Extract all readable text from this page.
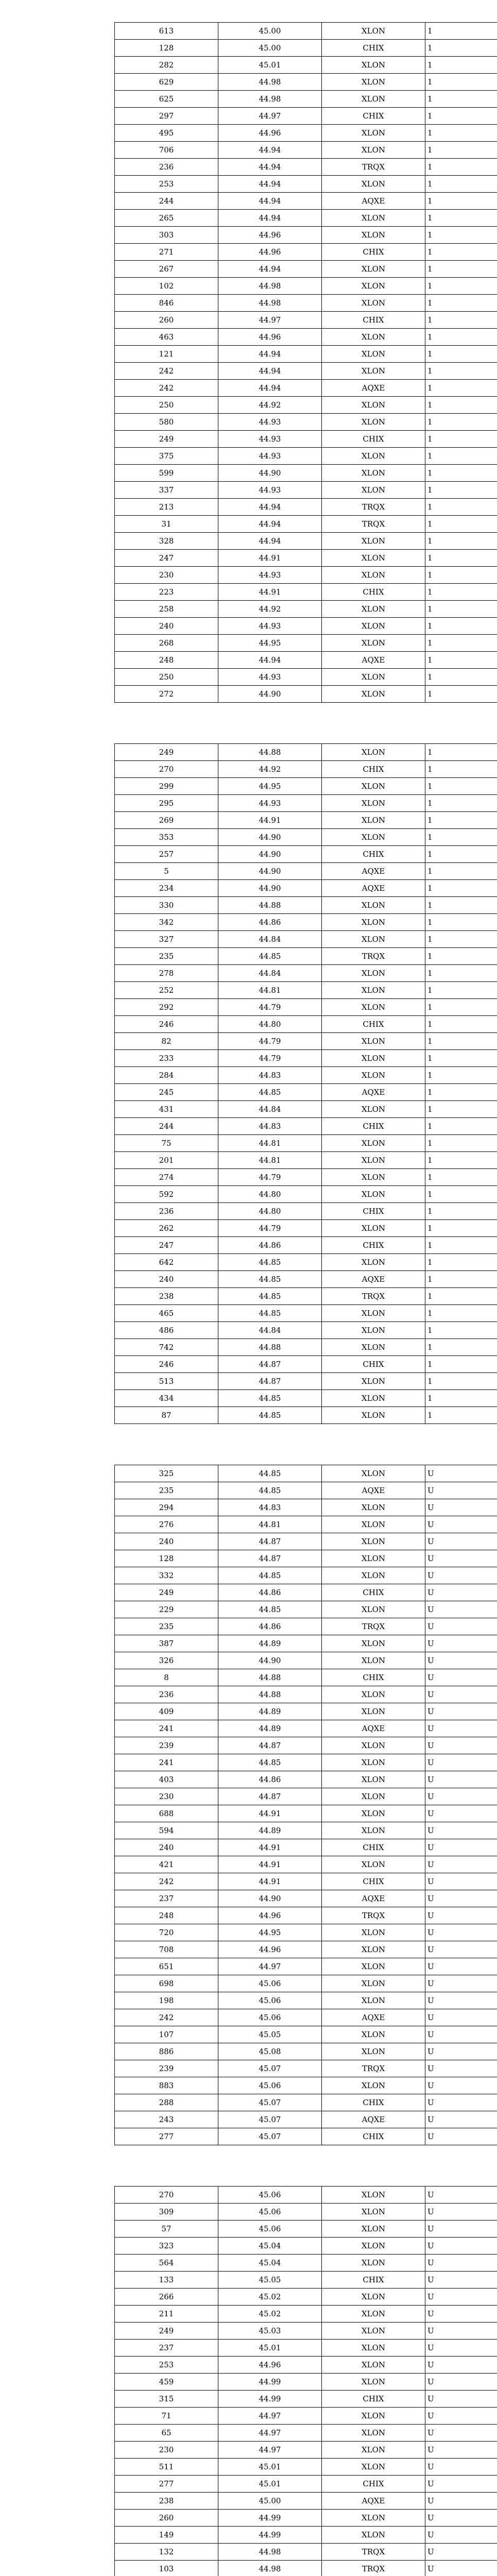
613	45.00	XLON	1
128	45.00	CHIX	1
282	45.01	XLON	1
629	44.98	XLON	1
625	44.98	XLON	1
297	44.97	CHIX	1
495	44.96	XLON	1
706	44.94	XLON	1
236	44.94	TRQX	1
253	44.94	XLON	1
244	44.94	AQXE	1
265	44.94	XLON	1
303	44.96	XLON	1
271	44.96	CHIX	1
267	44.94	XLON	1
102	44.98	XLON	1
846	44.98	XLON	1
260	44.97	CHIX	1
463	44.96	XLON	1
121	44.94	XLON	1
242	44.94	XLON	1
242	44.94	AQXE	1
250	44.92	XLON	1
580	44.93	XLON	1
249	44.93	CHIX	1
375	44.93	XLON	1
599	44.90	XLON	1
337	44.93	XLON	1
213	44.94	TRQX	1
31	44.94	TRQX	1
328	44.94	XLON	1
247	44.91	XLON	1
230	44.93	XLON	1
223	44.91	CHIX	1
258	44.92	XLON	1
240	44.93	XLON	1
268	44.95	XLON	1
248	44.94	AQXE	1
250	44.93	XLON	1
272	44.90	XLON	1
249	44.88	XLON	1
270	44.92	CHIX	1
299	44.95	XLON	1
295	44.93	XLON	1
269	44.91	XLON	1
353	44.90	XLON	1
257	44.90	CHIX	1
5	44.90	AQXE	1
234	44.90	AQXE	1
330	44.88	XLON	1
342	44.86	XLON	1
327	44.84	XLON	1
235	44.85	TRQX	1
278	44.84	XLON	1
252	44.81	XLON	1
292	44.79	XLON	1
246	44.80	CHIX	1
82	44.79	XLON	1
233	44.79	XLON	1
284	44.83	XLON	1
245	44.85	AQXE	1
431	44.84	XLON	1
244	44.83	CHIX	1
75	44.81	XLON	1
201	44.81	XLON	1
274	44.79	XLON	1
592	44.80	XLON	1
236	44.80	CHIX	1
262	44.79	XLON	1
247	44.86	CHIX	1
642	44.85	XLON	1
240	44.85	AQXE	1
238	44.85	TRQX	1
465	44.85	XLON	1
486	44.84	XLON	1
742	44.88	XLON	1
246	44.87	CHIX	1
513	44.87	XLON	1
434	44.85	XLON	1
87	44.85	XLON	1
325	44.85	XLON	U
235	44.85	AQXE	U
294	44.83	XLON	U
276	44.81	XLON	U
240	44.87	XLON	U
128	44.87	XLON	U
332	44.85	XLON	U
249	44.86	CHIX	U
229	44.85	XLON	U
235	44.86	TRQX	U
387	44.89	XLON	U
326	44.90	XLON	U
8	44.88	CHIX	U
236	44.88	XLON	U
409	44.89	XLON	U
241	44.89	AQXE	U
239	44.87	XLON	U
241	44.85	XLON	U
403	44.86	XLON	U
230	44.87	XLON	U
688	44.91	XLON	U
594	44.89	XLON	U
240	44.91	CHIX	U
421	44.91	XLON	U
242	44.91	CHIX	U
237	44.90	AQXE	U
248	44.96	TRQX	U
720	44.95	XLON	U
708	44.96	XLON	U
651	44.97	XLON	U
698	45.06	XLON	U
198	45.06	XLON	U
242	45.06	AQXE	U
107	45.05	XLON	U
886	45.08	XLON	U
239	45.07	TRQX	U
883	45.06	XLON	U
288	45.07	CHIX	U
243	45.07	AQXE	U
277	45.07	CHIX	U
270	45.06	XLON	U
309	45.06	XLON	U
57	45.06	XLON	U
323	45.04	XLON	U
564	45.04	XLON	U
133	45.05	CHIX	U
266	45.02	XLON	U
211	45.02	XLON	U
249	45.03	XLON	U
237	45.01	XLON	U
253	44.96	XLON	U
459	44.99	XLON	U
315	44.99	CHIX	U
71	44.97	XLON	U
65	44.97	XLON	U
230	44.97	XLON	U
511	45.01	XLON	U
277	45.01	CHIX	U
238	45.00	AQXE	U
260	44.99	XLON	U
149	44.99	XLON	U
132	44.98	TRQX	U
103	44.98	TRQX	U
